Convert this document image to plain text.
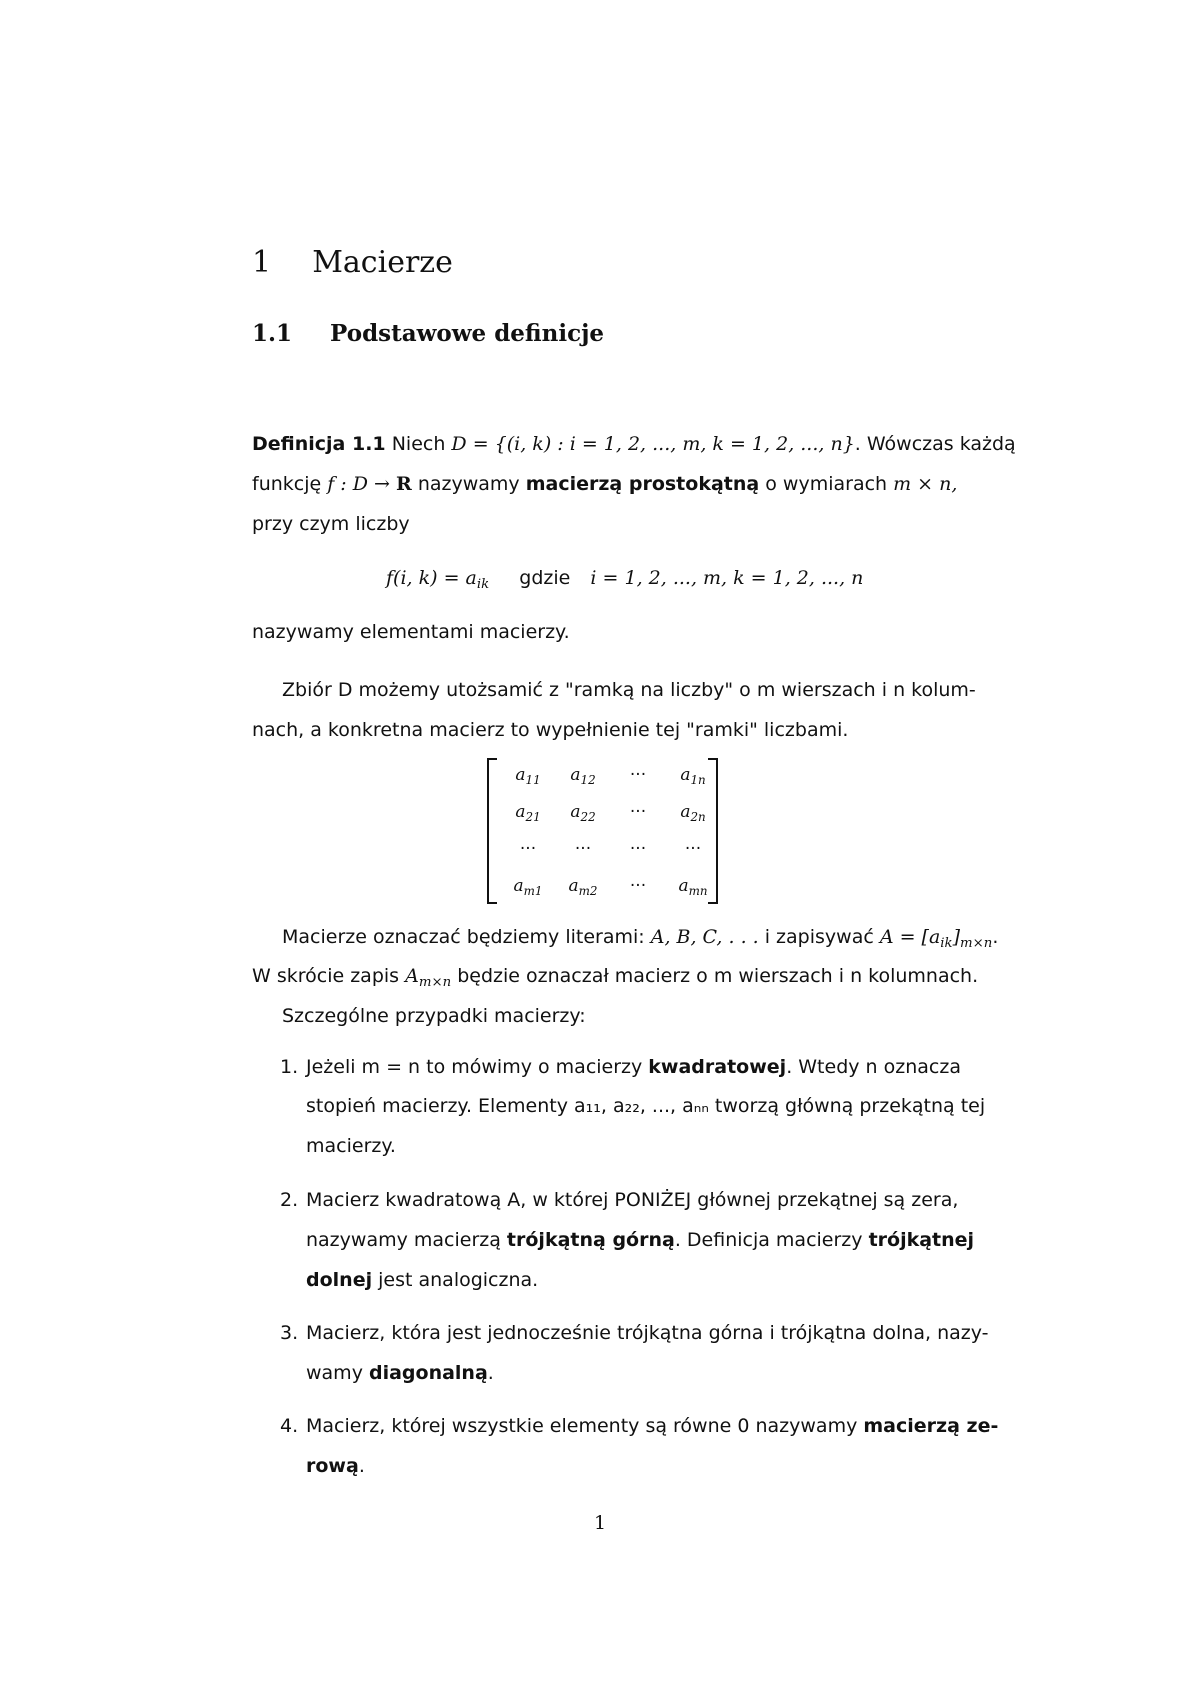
1 Macierze
1.1 Podstawowe definicje
Definicja 1.1 Niech D = {(i, k) : i = 1, 2, ..., m, k = 1, 2, ..., n}. Wówczas każdą
funkcję f : D → R nazywamy macierzą prostokątną o wymiarach m × n,
przy czym liczby
f(i, $k) = a_{ik}$ gdzie i = 1, 2, ..., m, k = 1, 2, ..., n
nazywamy elementami macierzy.
Zbiór D możemy utożsamić z "ramką na liczby" o m wierszach i n kolum-
nach, a konkretna macierz to wypełnienie tej "ramki" liczbami.
$a_{11}$	$a_{12}$	···	$a_{1n}$
$a_{21}$	$a_{22}$	···	$a_{2n}$
···	···	···	···
$a_{m1}$	$a_{m2}$	···	$a_{mn}$
Macierze oznaczać będziemy literami: A, B, C, . . . i zapisywać $A = [a_{ik}]_{m\times n}$.
W skrócie zapis $A_{m\times n}$ będzie oznaczał macierz o m wierszach i n kolumnach.
Szczególne przypadki macierzy:
1. Jeżeli m = n to mówimy o macierzy kwadratowej. Wtedy n oznacza
stopień macierzy. Elementy a₁₁, a₂₂, ..., aₙₙ tworzą główną przekątną tej
macierzy.
2. Macierz kwadratową A, w której PONIŻEJ głównej przekątnej są zera,
nazywamy macierzą trójkątną górną. Definicja macierzy trójkątnej
dolnej jest analogiczna.
3. Macierz, która jest jednocześnie trójkątna górna i trójkątna dolna, nazy-
wamy diagonalną.
4. Macierz, której wszystkie elementy są równe 0 nazywamy macierzą ze-
rową.
1
